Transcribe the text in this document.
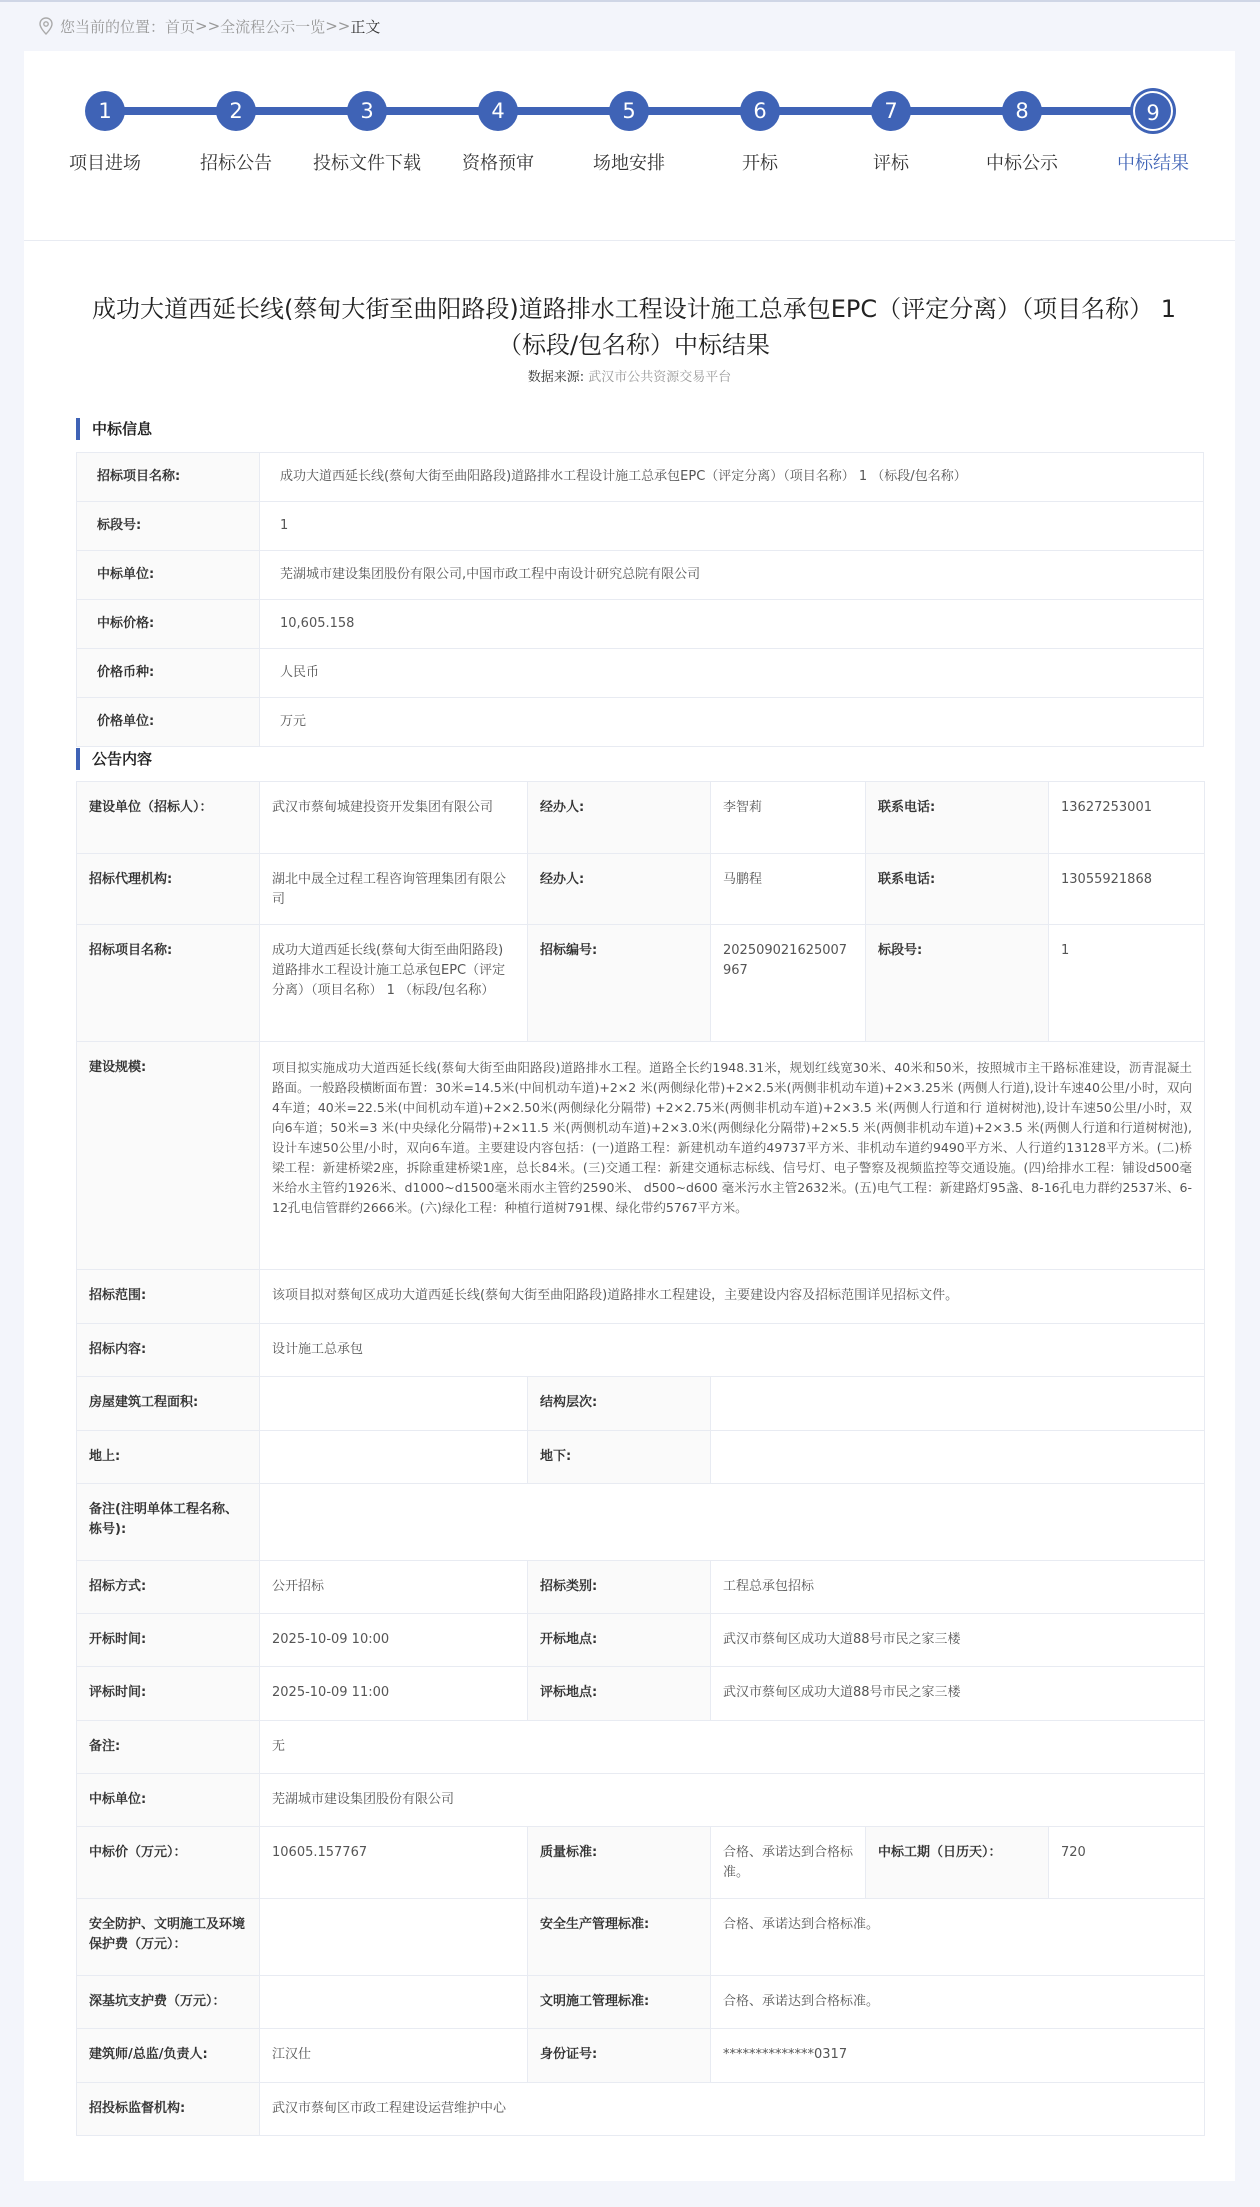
您当前的位置： 首页 >> 全流程公示一览 >> 正文
1
项目进场
2
招标公告
3
投标文件下载
4
资格预审
5
场地安排
6
开标
7
评标
8
中标公示
9
中标结果
成功大道西延长线(蔡甸大街至曲阳路段)道路排水工程设计施工总承包EPC（评定分离）（项目名称） 1（标段/包名称）中标结果
数据来源: 武汉市公共资源交易平台
中标信息
招标项目名称:	成功大道西延长线(蔡甸大街至曲阳路段)道路排水工程设计施工总承包EPC（评定分离）（项目名称） 1 （标段/包名称）
标段号:	1
中标单位:	芜湖城市建设集团股份有限公司,中国市政工程中南设计研究总院有限公司
中标价格:	10,605.158
价格币种:	人民币
价格单位:	万元
公告内容
建设单位（招标人）：	武汉市蔡甸城建投资开发集团有限公司	经办人:	李智莉	联系电话:	13627253001
招标代理机构:	湖北中晟全过程工程咨询管理集团有限公司	经办人:	马鹏程	联系电话:	13055921868
招标项目名称:	成功大道西延长线(蔡甸大街至曲阳路段)道路排水工程设计施工总承包EPC（评定分离）（项目名称） 1 （标段/包名称）	招标编号:	202509021625007967	标段号:	1
建设规模:	项目拟实施成功大道西延长线(蔡甸大街至曲阳路段)道路排水工程。道路全长约1948.31米，规划红线宽30米、40米和50米，按照城市主干路标准建设，沥青混凝土路面。一般路段横断面布置：30米=14.5米(中间机动车道)+2×2 米(两侧绿化带)+2×2.5米(两侧非机动车道)+2×3.25米 (两侧人行道),设计车速40公里/小时，双向4车道；40米=22.5米(中间机动车道)+2×2.50米(两侧绿化分隔带) +2×2.75米(两侧非机动车道)+2×3.5 米(两侧人行道和行 道树树池),设计车速50公里/小时，双向6车道；50米=3 米(中央绿化分隔带)+2×11.5 米(两侧机动车道)+2×3.0米(两侧绿化分隔带)+2×5.5 米(两侧非机动车道)+2×3.5 米(两侧人行道和行道树树池),设计车速50公里/小时，双向6车道。主要建设内容包括：(一)道路工程：新建机动车道约49737平方米、非机动车道约9490平方米、人行道约13128平方米。(二)桥梁工程：新建桥梁2座，拆除重建桥梁1座，总长84米。(三)交通工程：新建交通标志标线、信号灯、电子警察及视频监控等交通设施。(四)给排水工程：铺设d500毫米给水主管约1926米、d1000~d1500毫米雨水主管约2590米、 d500~d600 毫米污水主管2632米。(五)电气工程：新建路灯95盏、8-16孔电力群约2537米、6-12孔电信管群约2666米。(六)绿化工程：种植行道树791棵、绿化带约5767平方米。				
招标范围:	该项目拟对蔡甸区成功大道西延长线(蔡甸大街至曲阳路段)道路排水工程建设，主要建设内容及招标范围详见招标文件。				
招标内容:	设计施工总承包				
房屋建筑工程面积:		结构层次:			
地上:		地下:			
备注(注明单体工程名称、栋号):					
招标方式:	公开招标	招标类别:	工程总承包招标		
开标时间:	2025-10-09 10:00	开标地点:	武汉市蔡甸区成功大道88号市民之家三楼		
评标时间:	2025-10-09 11:00	评标地点:	武汉市蔡甸区成功大道88号市民之家三楼		
备注:	无				
中标单位:	芜湖城市建设集团股份有限公司				
中标价（万元）：	10605.157767	质量标准:	合格、承诺达到合格标准。	中标工期（日历天）：	720
安全防护、文明施工及环境保护费（万元）：		安全生产管理标准:	合格、承诺达到合格标准。		
深基坑支护费（万元）：		文明施工管理标准:	合格、承诺达到合格标准。		
建筑师/总监/负责人:	江汉仕	身份证号:	**************0317		
招投标监督机构:	武汉市蔡甸区市政工程建设运营维护中心				
